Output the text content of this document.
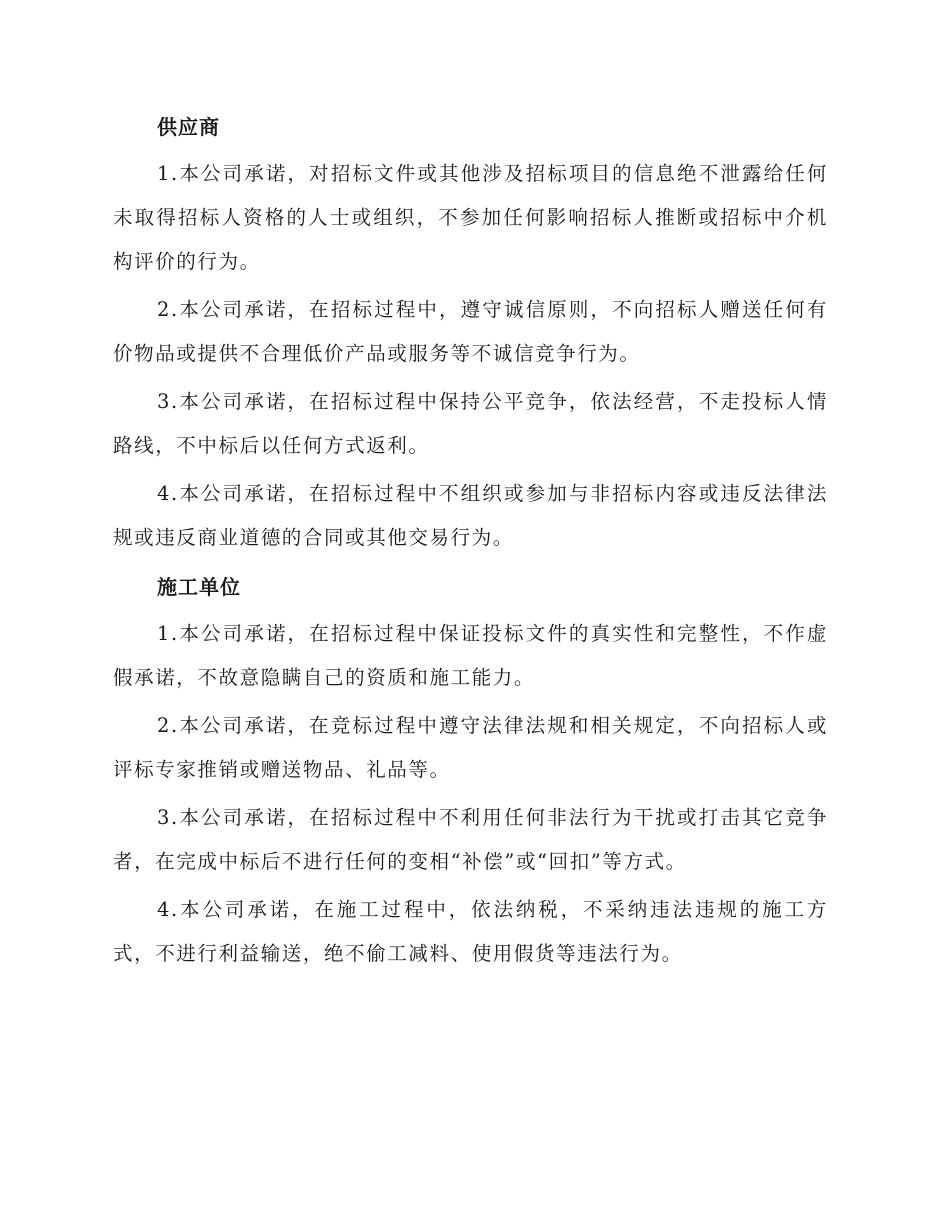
供应商

1.本公司承诺，对招标文件或其他涉及招标项目的信息绝不泄露给任何未取得招标人资格的人士或组织，不参加任何影响招标人推断或招标中介机构评价的行为。

2.本公司承诺，在招标过程中，遵守诚信原则，不向招标人赠送任何有价物品或提供不合理低价产品或服务等不诚信竞争行为。

3.本公司承诺，在招标过程中保持公平竞争，依法经营，不走投标人情路线，不中标后以任何方式返利。

4.本公司承诺，在招标过程中不组织或参加与非招标内容或违反法律法规或违反商业道德的合同或其他交易行为。

施工单位

1.本公司承诺，在招标过程中保证投标文件的真实性和完整性，不作虚假承诺，不故意隐瞒自己的资质和施工能力。

2.本公司承诺，在竞标过程中遵守法律法规和相关规定，不向招标人或评标专家推销或赠送物品、礼品等。

3.本公司承诺，在招标过程中不利用任何非法行为干扰或打击其它竞争者，在完成中标后不进行任何的变相“补偿”或“回扣”等方式。

4.本公司承诺，在施工过程中，依法纳税，不采纳违法违规的施工方式，不进行利益输送，绝不偷工减料、使用假货等违法行为。
